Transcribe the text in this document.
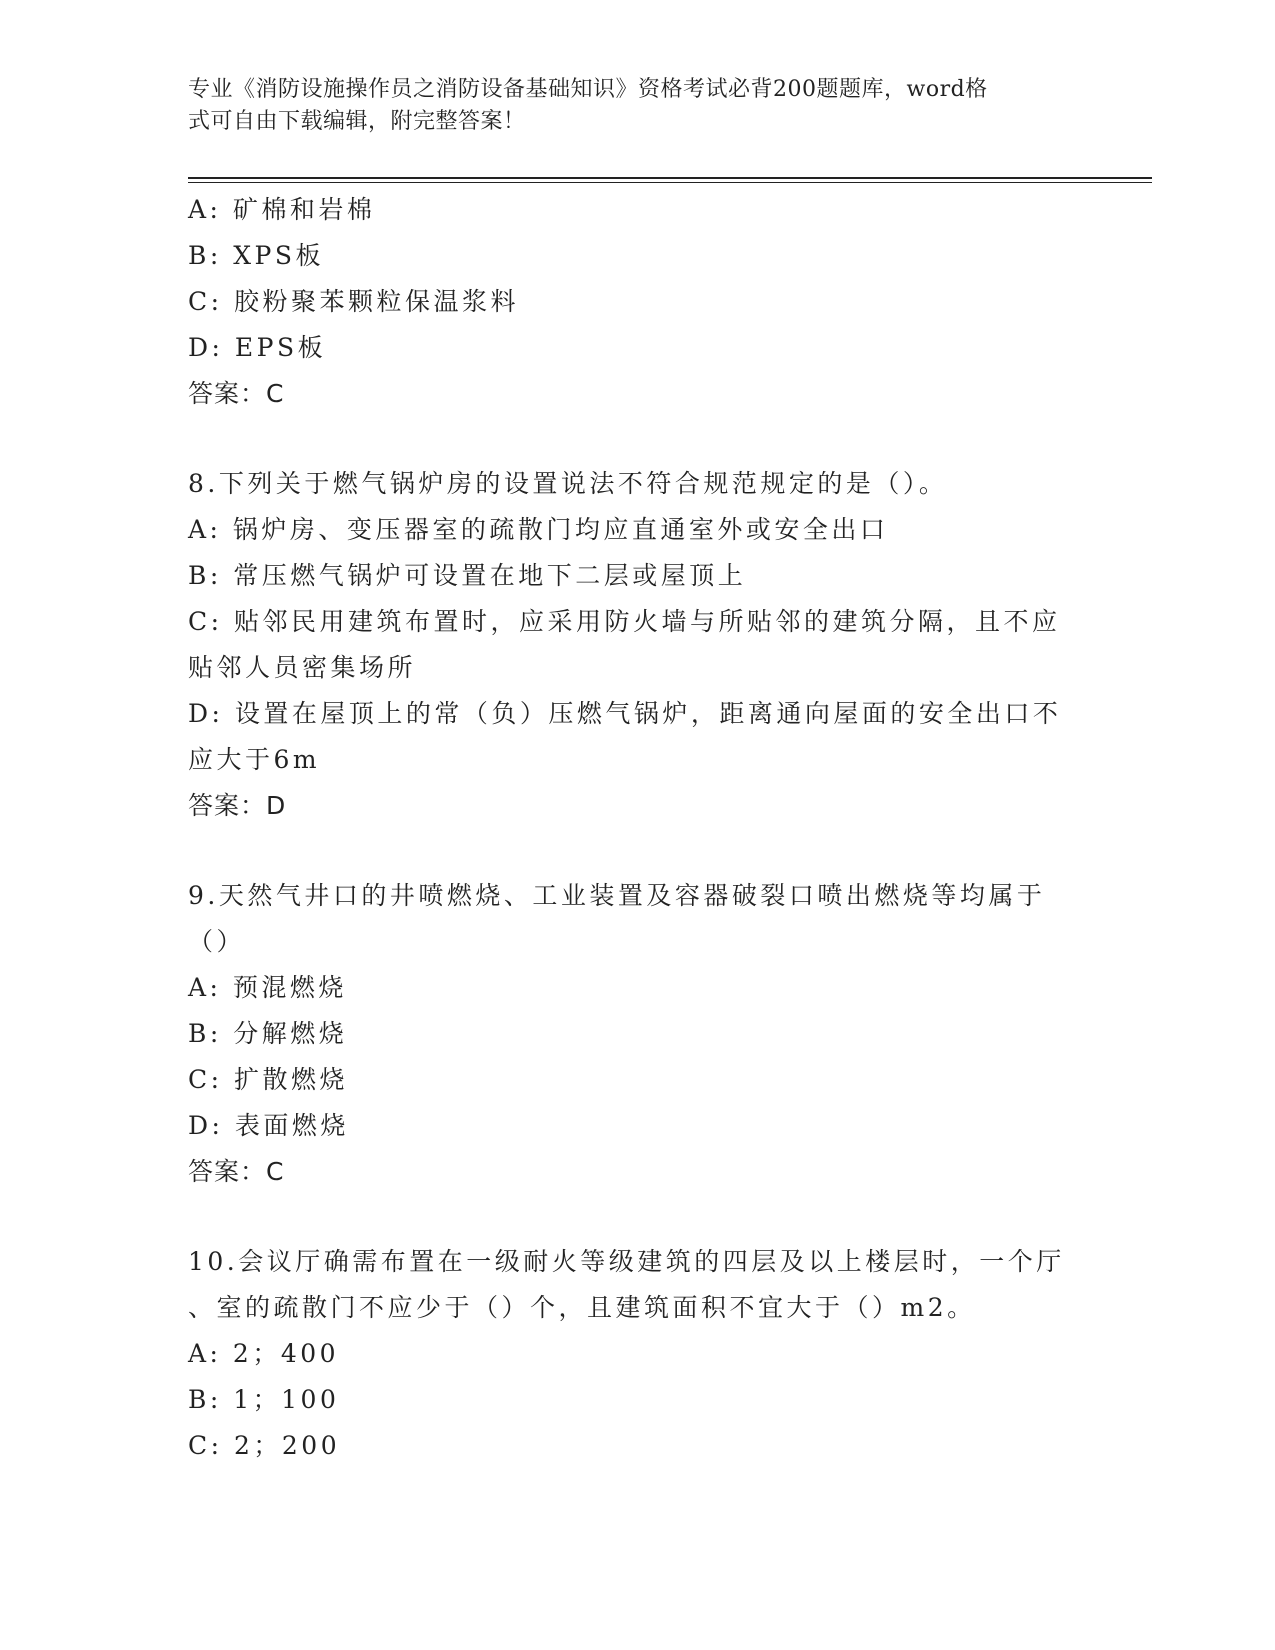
专业《消防设施操作员之消防设备基础知识》资格考试必背200题题库，word格
式可自由下载编辑，附完整答案！
A: 矿棉和岩棉
B: XPS板
C: 胶粉聚苯颗粒保温浆料
D: EPS板
答案：C
8.下列关于燃气锅炉房的设置说法不符合规范规定的是（）。
A: 锅炉房、变压器室的疏散门均应直通室外或安全出口
B: 常压燃气锅炉可设置在地下二层或屋顶上
C: 贴邻民用建筑布置时，应采用防火墙与所贴邻的建筑分隔，且不应
贴邻人员密集场所
D: 设置在屋顶上的常（负）压燃气锅炉，距离通向屋面的安全出口不
应大于6m
答案：D
9.天然气井口的井喷燃烧、工业装置及容器破裂口喷出燃烧等均属于
（）
A: 预混燃烧
B: 分解燃烧
C: 扩散燃烧
D: 表面燃烧
答案：C
10.会议厅确需布置在一级耐火等级建筑的四层及以上楼层时，一个厅
、室的疏散门不应少于（）个，且建筑面积不宜大于（）m2。
A: 2；400
B: 1；100
C: 2；200
